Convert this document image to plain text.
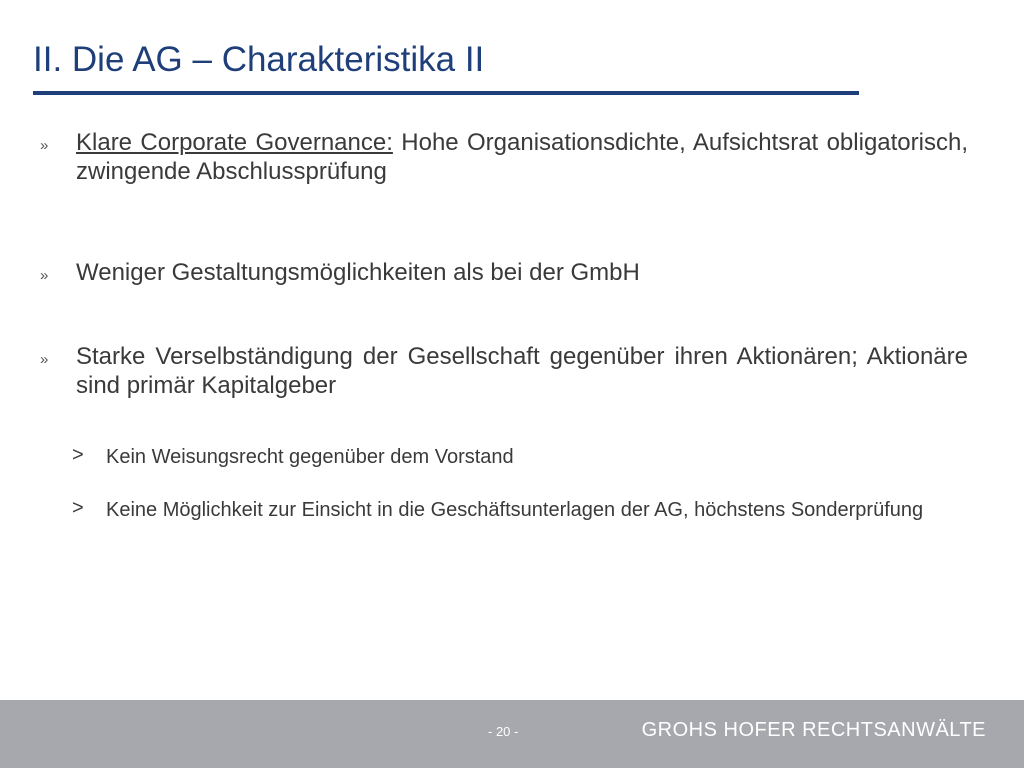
II. Die AG – Charakteristika II
»	Klare Corporate Governance: Hohe Organisationsdichte, Aufsichtsrat obligatorisch, zwingende Abschlussprüfung
»	Weniger Gestaltungsmöglichkeiten als bei der GmbH
»	Starke Verselbständigung der Gesellschaft gegenüber ihren Aktionären; Aktionäre sind primär Kapitalgeber
>	Kein Weisungsrecht gegenüber dem Vorstand
>	Keine Möglichkeit zur Einsicht in die Geschäftsunterlagen der AG, höchstens Sonderprüfung
- 20 -	GROHS HOFER RECHTSANWÄLTE
